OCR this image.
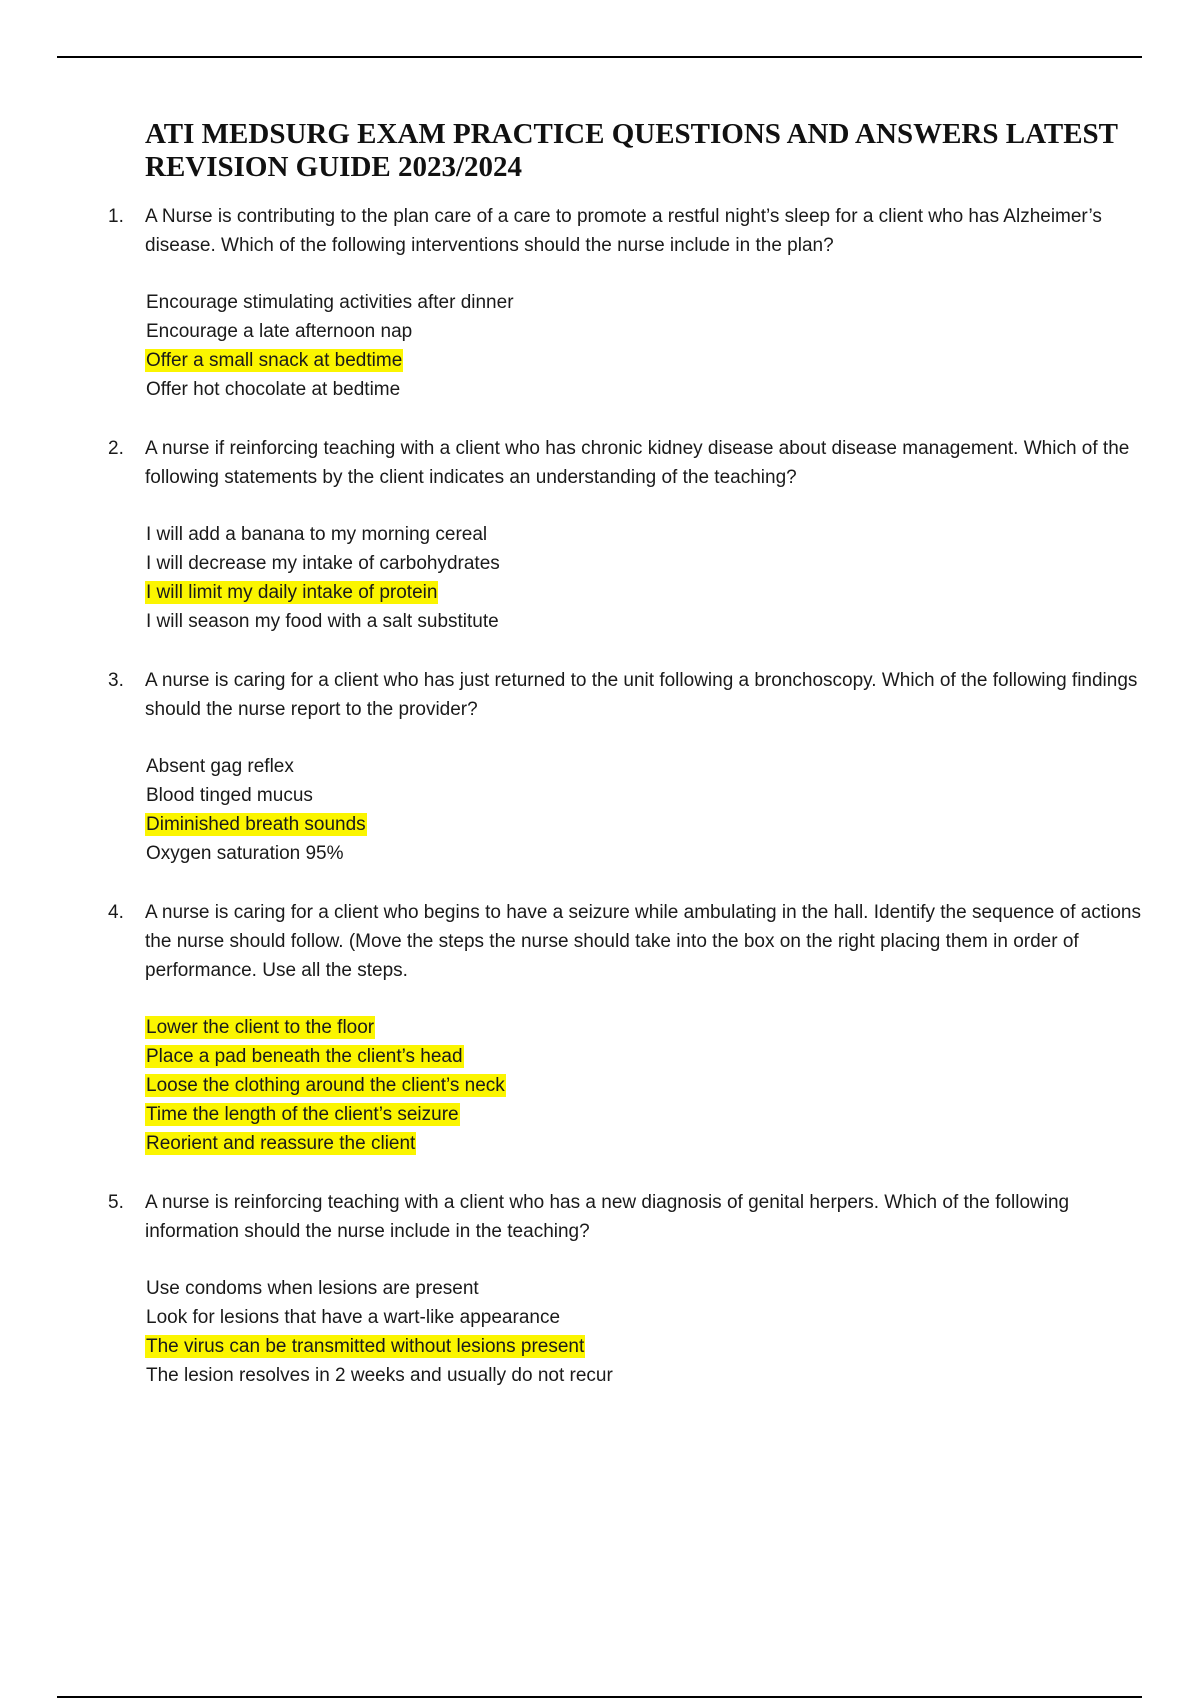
ATI MEDSURG EXAM PRACTICE QUESTIONS AND ANSWERS LATEST REVISION GUIDE 2023/2024
1. A Nurse is contributing to the plan care of a care to promote a restful night’s sleep for a client who has Alzheimer’s disease. Which of the following interventions should the nurse include in the plan?

Encourage stimulating activities after dinner
Encourage a late afternoon nap
Offer a small snack at bedtime
Offer hot chocolate at bedtime
2. A nurse if reinforcing teaching with a client who has chronic kidney disease about disease management. Which of the following statements by the client indicates an understanding of the teaching?

I will add a banana to my morning cereal
I will decrease my intake of carbohydrates
I will limit my daily intake of protein
I will season my food with a salt substitute
3. A nurse is caring for a client who has just returned to the unit following a bronchoscopy. Which of the following findings should the nurse report to the provider?

Absent gag reflex
Blood tinged mucus
Diminished breath sounds
Oxygen saturation 95%
4. A nurse is caring for a client who begins to have a seizure while ambulating in the hall. Identify the sequence of actions the nurse should follow. (Move the steps the nurse should take into the box on the right placing them in order of performance. Use all the steps.

Lower the client to the floor
Place a pad beneath the client’s head
Loose the clothing around the client’s neck
Time the length of the client’s seizure
Reorient and reassure the client
5. A nurse is reinforcing teaching with a client who has a new diagnosis of genital herpers. Which of the following information should the nurse include in the teaching?

Use condoms when lesions are present
Look for lesions that have a wart-like appearance
The virus can be transmitted without lesions present
The lesion resolves in 2 weeks and usually do not recur
